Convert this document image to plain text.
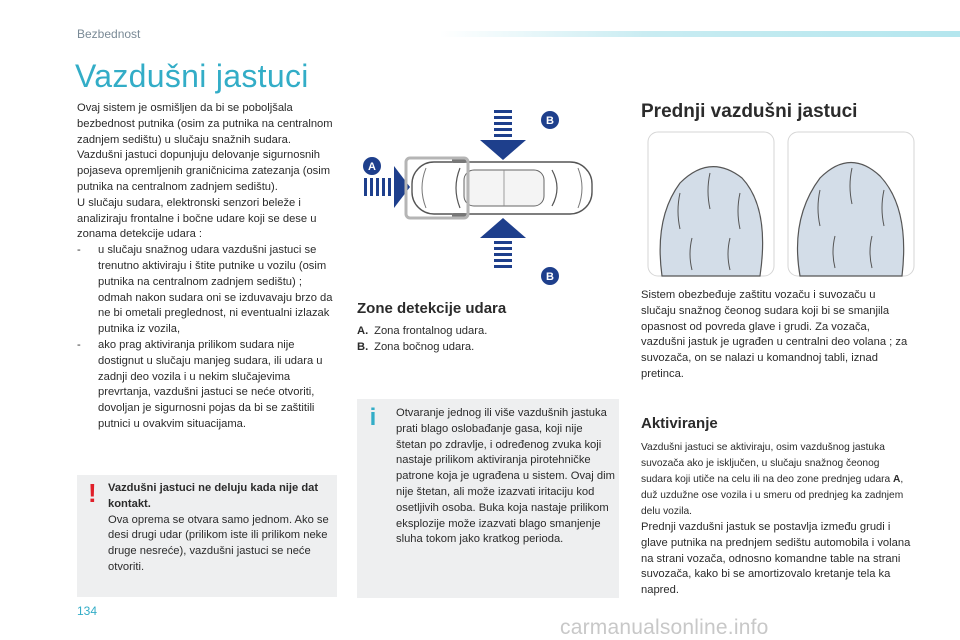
Bezbednost
Vazdušni jastuci

Ovaj sistem je osmišljen da bi se poboljšala bezbednost putnika (osim za putnika na centralnom zadnjem sedištu) u slučaju snažnih sudara. Vazdušni jastuci dopunjuju delovanje sigurnosnih pojaseva opremljenih graničnicima zatezanja (osim putnika na centralnom zadnjem sedištu).

U slučaju sudara, elektronski senzori beleže i analiziraju frontalne i bočne udare koji se dese u zonama detekcije udara :

- u slučaju snažnog udara vazdušni jastuci se trenutno aktiviraju i štite putnike u vozilu (osim putnika na centralnom zadnjem sedištu) ; odmah nakon sudara oni se izduvavaju brzo da ne bi ometali preglednost, ni eventualni izlazak putnika iz vozila,
- ako prag aktiviranja prilikom sudara nije dostignut u slučaju manjeg sudara, ili udara u zadnji deo vozila i u nekim slučajevima prevrtanja, vazdušni jastuci se neće otvoriti, dovoljan je sigurnosni pojas da bi se zaštitili putnici u ovakvim situacijama.
! Vazdušni jastuci ne deluju kada nije dat kontakt.
Ova oprema se otvara samo jednom. Ako se desi drugi udar (prilikom iste ili prilikom neke druge nesreće), vazdušni jastuci se neće otvoriti.
B
A
B
Zone detekcije udara
A. Zona frontalnog udara.
B. Zona bočnog udara.
i Otvaranje jednog ili više vazdušnih jastuka prati blago oslobađanje gasa, koji nije štetan po zdravlje, i određenog zvuka koji nastaje prilikom aktiviranja pirotehničke patrone koja je ugrađena u sistem. Ovaj dim nije štetan, ali može izazvati iritaciju kod osetljivih osoba. Buka koja nastaje prilikom eksplozije može izazvati blago smanjenje sluha tokom jako kratkog perioda.
Prednji vazdušni jastuci
Sistem obezbeđuje zaštitu vozaču i suvozaču u slučaju snažnog čeonog sudara koji bi se smanjila opasnost od povreda glave i grudi. Za vozača, vazdušni jastuk je ugrađen u centralni deo volana ; za suvozača, on se nalazi u komandnoj tabli, iznad pretinca.
Aktiviranje
Vazdušni jastuci se aktiviraju, osim vazdušnog jastuka suvozača ako je isključen, u slučaju snažnog čeonog sudara koji utiče na celu ili na deo zone prednjeg udara A, duž uzdužne ose vozila i u smeru od prednjeg ka zadnjem delu vozila.
Prednji vazdušni jastuk se postavlja između grudi i glave putnika na prednjem sedištu automobila i volana na strani vozača, odnosno komandne table na strani suvozača, kako bi se amortizovalo kretanje tela ka napred.
134
carmanualsonline.info
